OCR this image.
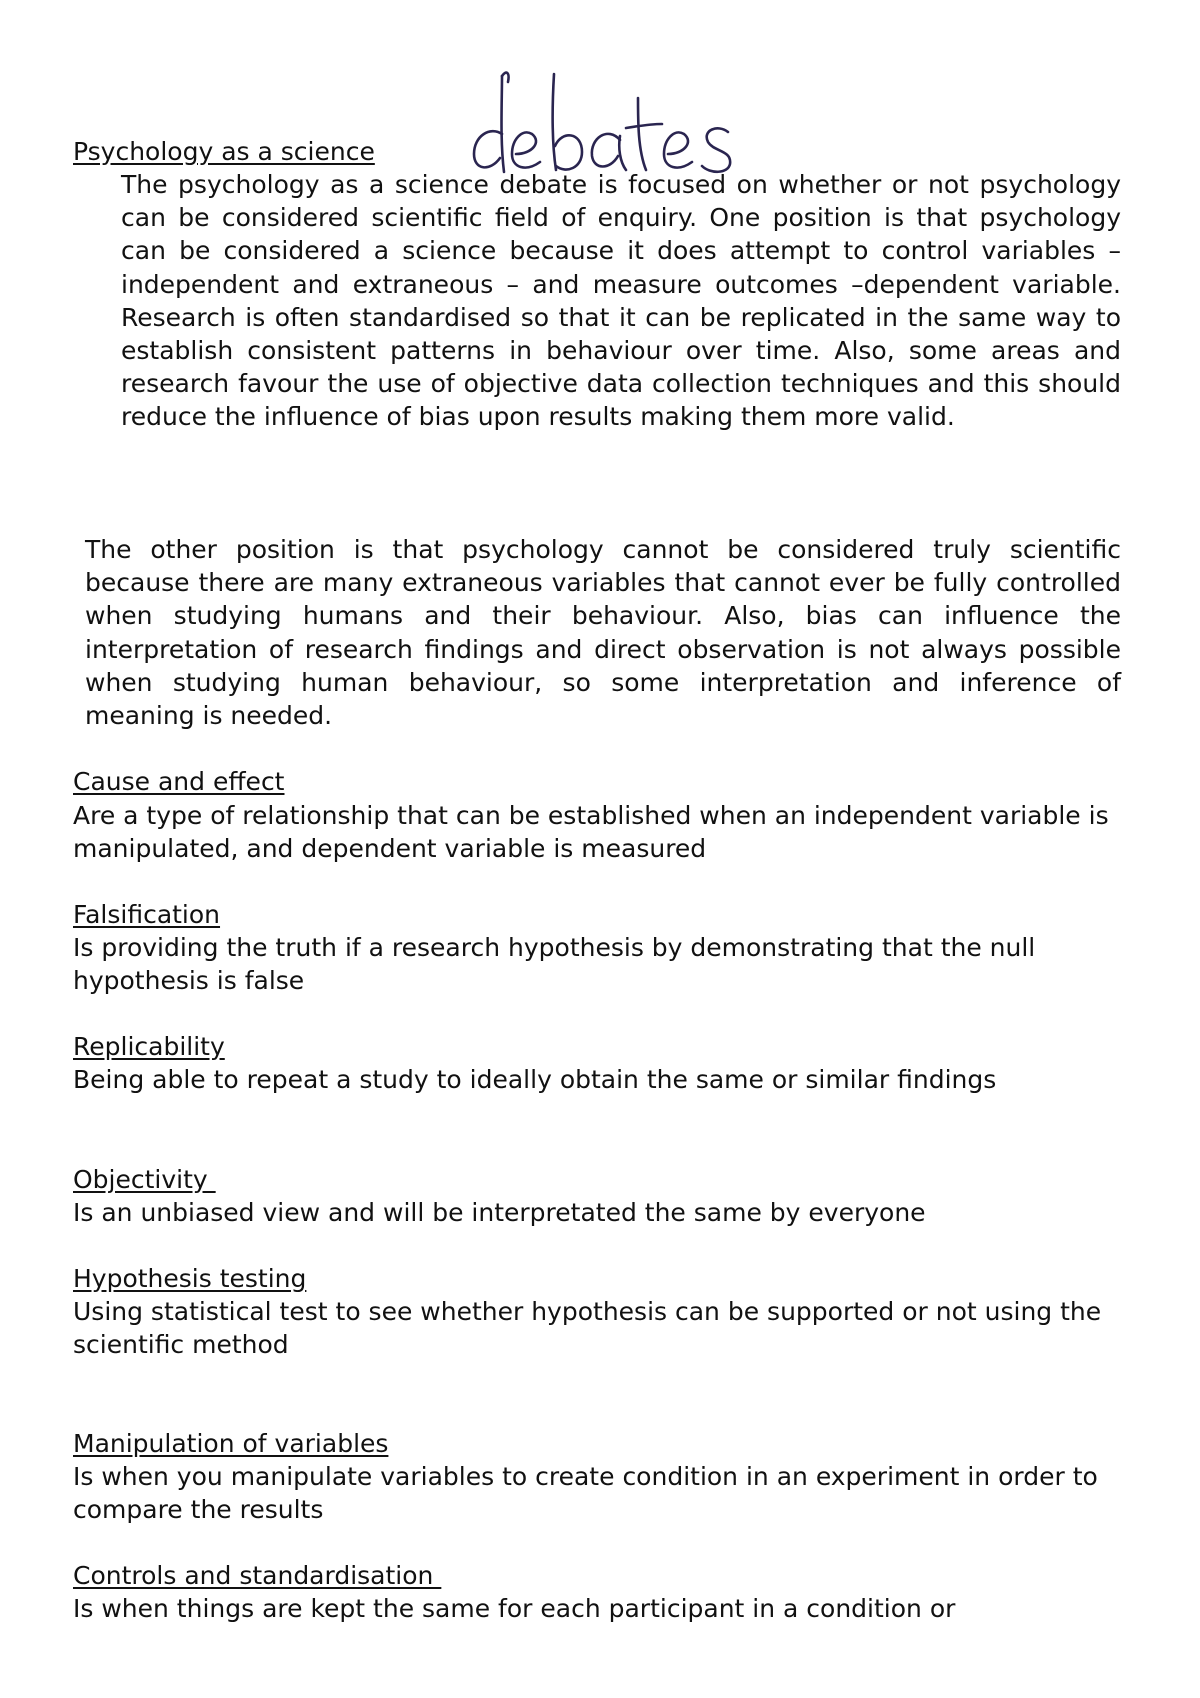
Psychology as a science

The psychology as a science debate is focused on whether or not psychology can be considered scientific field of enquiry. One position is that psychology can be considered a science because it does attempt to control variables – independent and extraneous – and measure outcomes –dependent variable. Research is often standardised so that it can be replicated in the same way to establish consistent patterns in behaviour over time. Also, some areas and research favour the use of objective data collection techniques and this should reduce the influence of bias upon results making them more valid.

The other position is that psychology cannot be considered truly scientific because there are many extraneous variables that cannot ever be fully controlled when studying humans and their behaviour. Also, bias can influence the interpretation of research findings and direct observation is not always possible when studying human behaviour, so some interpretation and inference of meaning is needed.

Cause and effect

Are a type of relationship that can be established when an independent variable is manipulated, and dependent variable is measured

Falsification

Is providing the truth if a research hypothesis by demonstrating that the null hypothesis is false

Replicability

Being able to repeat a study to ideally obtain the same or similar findings

Objectivity

Is an unbiased view and will be interpretated the same by everyone

Hypothesis testing

Using statistical test to see whether hypothesis can be supported or not using the scientific method

Manipulation of variables

Is when you manipulate variables to create condition in an experiment in order to compare the results

Controls and standardisation

Is when things are kept the same for each participant in a condition or
